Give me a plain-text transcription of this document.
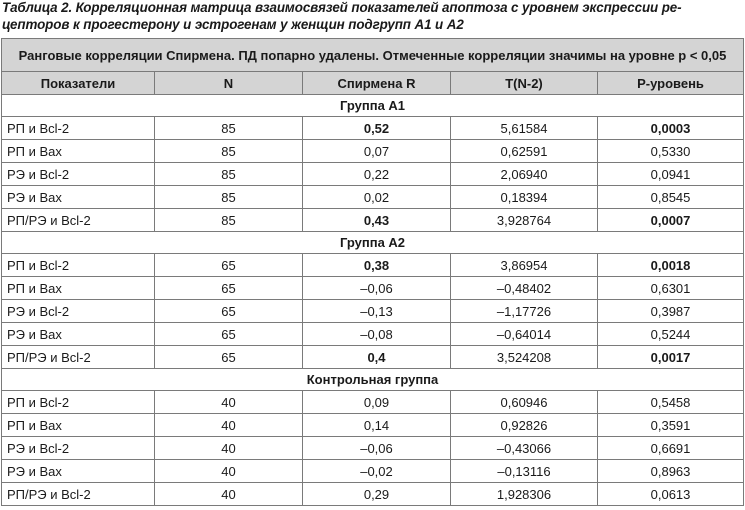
Таблица 2. Корреляционная матрица взаимосвязей показателей апоптоза с уровнем экспрессии ре-
цепторов к прогестерону и эстрогенам у женщин подгрупп А1 и А2
Ранговые корреляции Спирмена. ПД попарно удалены. Отмеченные корреляции значимы на уровне p < 0,05				
Показатели	N	Спирмена R	T(N-2)	P-уровень
Группа А1				
РП и Bcl-2	85	0,52	5,61584	0,0003
РП и Bax	85	0,07	0,62591	0,5330
РЭ и Bcl-2	85	0,22	2,06940	0,0941
РЭ и Bax	85	0,02	0,18394	0,8545
РП/РЭ и Bcl-2	85	0,43	3,928764	0,0007
Группа А2				
РП и Bcl-2	65	0,38	3,86954	0,0018
РП и Bax	65	–0,06	–0,48402	0,6301
РЭ и Bcl-2	65	–0,13	–1,17726	0,3987
РЭ и Bax	65	–0,08	–0,64014	0,5244
РП/РЭ и Bcl-2	65	0,4	3,524208	0,0017
Контрольная группа				
РП и Bcl-2	40	0,09	0,60946	0,5458
РП и Bax	40	0,14	0,92826	0,3591
РЭ и Bcl-2	40	–0,06	–0,43066	0,6691
РЭ и Bax	40	–0,02	–0,13116	0,8963
РП/РЭ и Bcl-2	40	0,29	1,928306	0,0613
